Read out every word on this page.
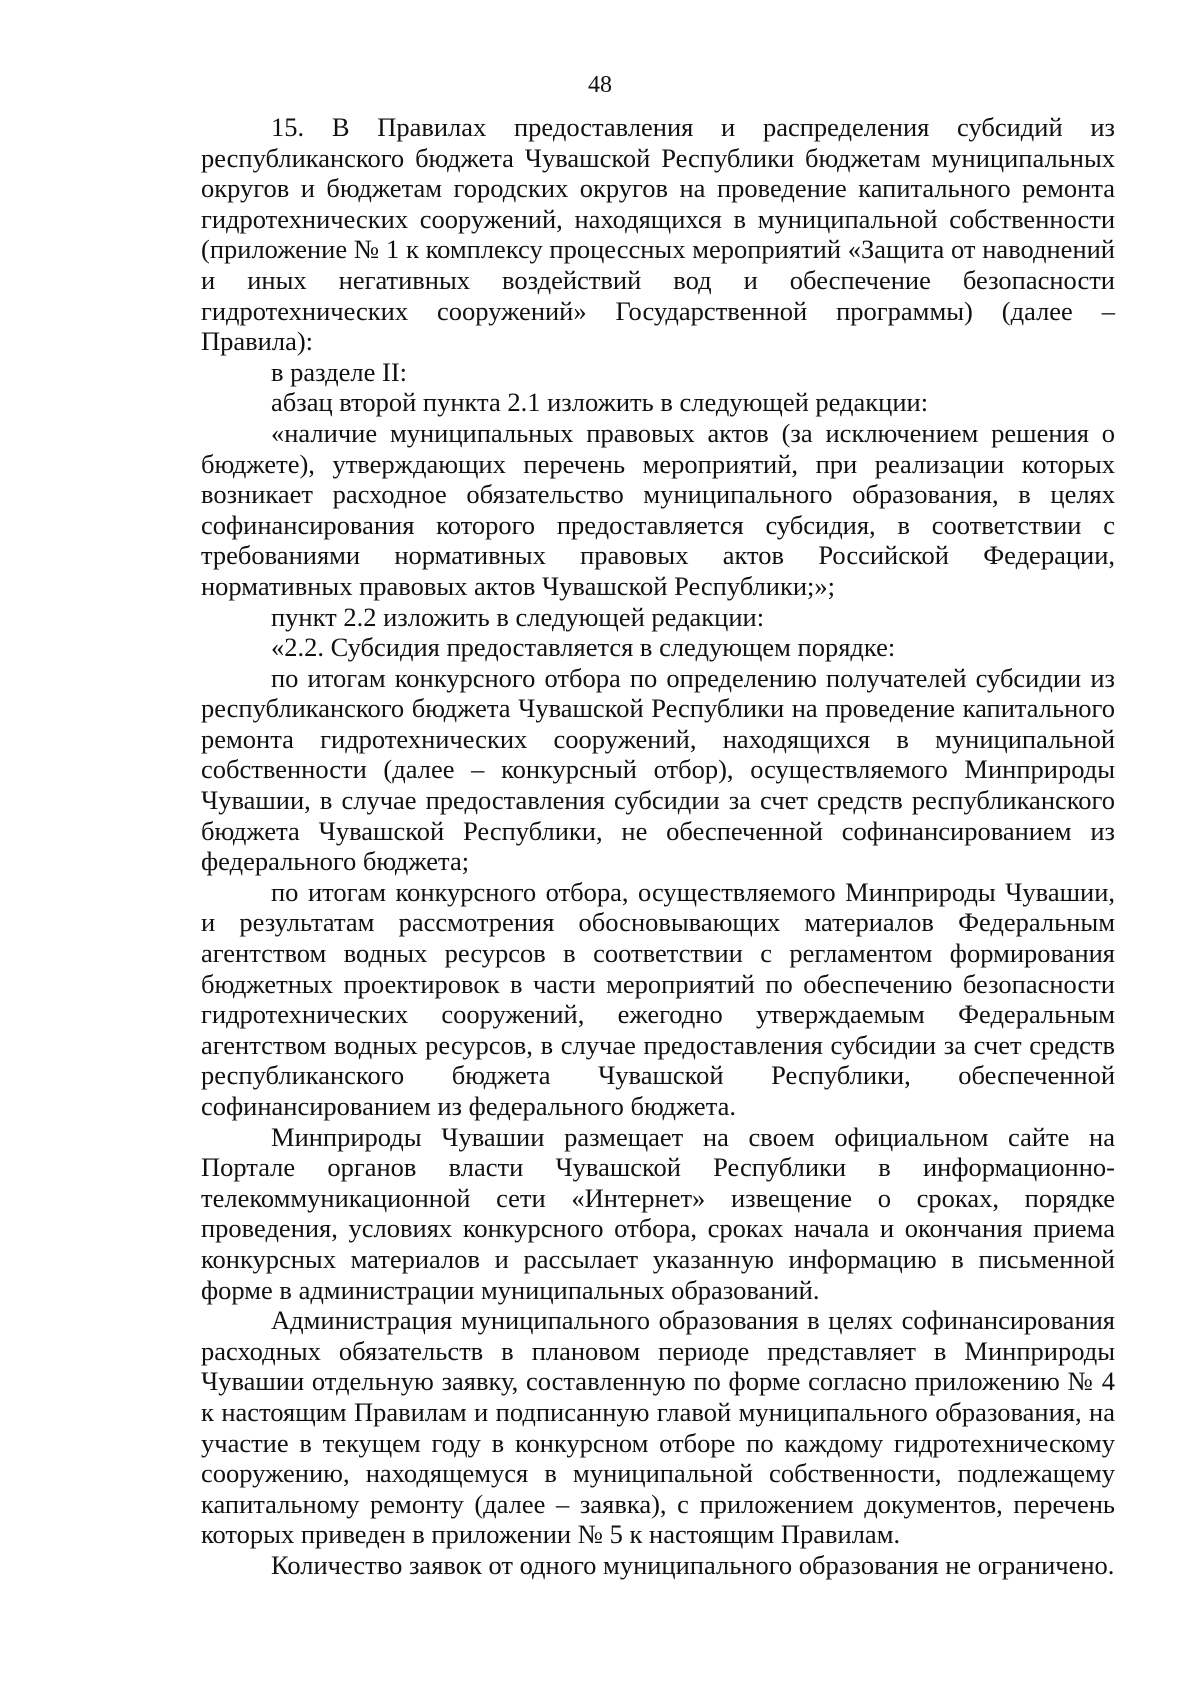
48

15. В Правилах предоставления и распределения субсидий из республиканского бюджета Чувашской Республики бюджетам муниципальных округов и бюджетам городских округов на проведение капитального ремонта гидротехнических сооружений, находящихся в муниципальной собственности (приложение № 1 к комплексу процессных мероприятий «Защита от наводнений и иных негативных воздействий вод и обеспечение безопасности гидротехнических сооружений» Государственной программы) (далее – Правила):

в разделе II:

абзац второй пункта 2.1 изложить в следующей редакции:

«наличие муниципальных правовых актов (за исключением решения о бюджете), утверждающих перечень мероприятий, при реализации которых возникает расходное обязательство муниципального образования, в целях софинансирования которого предоставляется субсидия, в соответствии с требованиями нормативных правовых актов Российской Федерации, нормативных правовых актов Чувашской Республики;»;

пункт 2.2 изложить в следующей редакции:

«2.2. Субсидия предоставляется в следующем порядке:

по итогам конкурсного отбора по определению получателей субсидии из республиканского бюджета Чувашской Республики на проведение капитального ремонта гидротехнических сооружений, находящихся в муниципальной собственности (далее – конкурсный отбор), осуществляемого Минприроды Чувашии, в случае предоставления субсидии за счет средств республиканского бюджета Чувашской Республики, не обеспеченной софинансированием из федерального бюджета;

по итогам конкурсного отбора, осуществляемого Минприроды Чувашии, и результатам рассмотрения обосновывающих материалов Федеральным агентством водных ресурсов в соответствии с регламентом формирования бюджетных проектировок в части мероприятий по обеспечению безопасности гидротехнических сооружений, ежегодно утверждаемым Федеральным агентством водных ресурсов, в случае предоставления субсидии за счет средств республиканского бюджета Чувашской Республики, обеспеченной софинансированием из федерального бюджета.

Минприроды Чувашии размещает на своем официальном сайте на Портале органов власти Чувашской Республики в информационно-телекоммуникационной сети «Интернет» извещение о сроках, порядке проведения, условиях конкурсного отбора, сроках начала и окончания приема конкурсных материалов и рассылает указанную информацию в письменной форме в администрации муниципальных образований.

Администрация муниципального образования в целях софинансирования расходных обязательств в плановом периоде представляет в Минприроды Чувашии отдельную заявку, составленную по форме согласно приложению № 4 к настоящим Правилам и подписанную главой муниципального образования, на участие в текущем году в конкурсном отборе по каждому гидротехническому сооружению, находящемуся в муниципальной собственности, подлежащему капитальному ремонту (далее – заявка), с приложением документов, перечень которых приведен в приложении № 5 к настоящим Правилам.

Количество заявок от одного муниципального образования не ограничено.
